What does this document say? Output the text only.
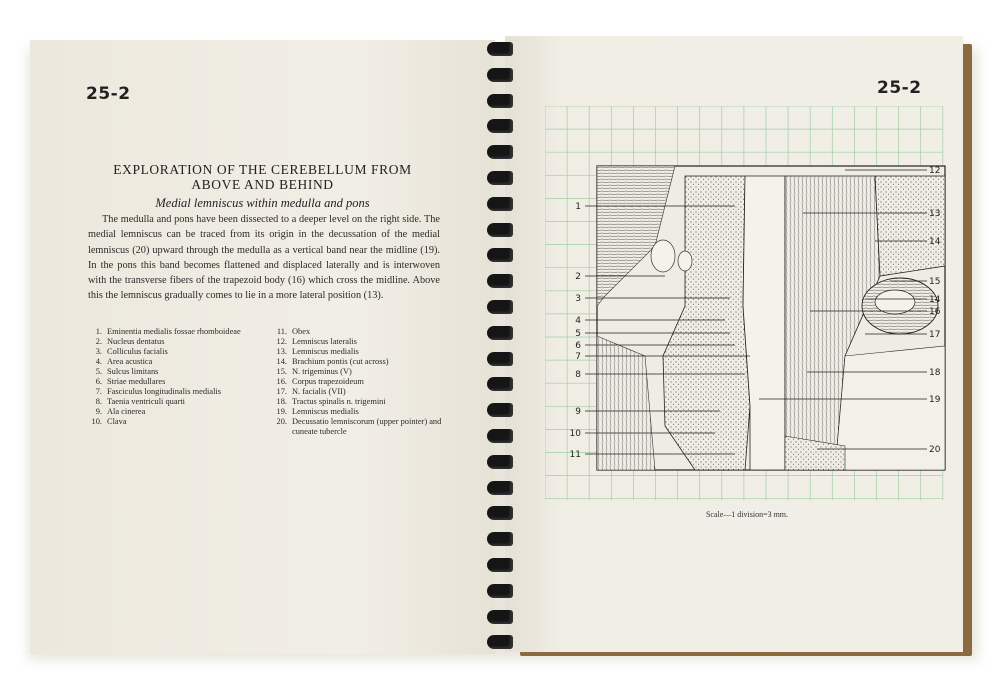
25-2
EXPLORATION OF THE CEREBELLUM FROM
ABOVE AND BEHIND
Medial lemniscus within medulla and pons

The medulla and pons have been dissected to a deeper level on the right side. The medial lemniscus can be traced from its origin in the decussation of the medial lemniscus (20) upward through the medulla as a vertical band near the midline (19). In the pons this band becomes flattened and displaced laterally and is interwoven with the transverse fibers of the trapezoid body (16) which cross the midline. Above this the lemniscus gradually comes to lie in a more lateral position (13).

1. Eminentia medialis fossae rhomboideae
2. Nucleus dentatus
3. Colliculus facialis
4. Area acustica
5. Sulcus limitans
6. Striae medullares
7. Fasciculus longitudinalis medialis
8. Taenia ventriculi quarti
9. Ala cinerea
10. Clava
11. Obex
12. Lemniscus lateralis
13. Lemniscus medialis
14. Brachium pontis (cut across)
15. N. trigeminus (V)
16. Corpus trapezoideum
17. N. facialis (VII)
18. Tractus spinalis n. trigemini
19. Lemniscus medialis
20. Decussatio lemniscorum (upper pointer) and cuneate tubercle
25-2
1
2
3
4
5
6
7
8
9
10
11
12
13
14
15
14
16
17
18
19
20
Scale—1 division=3 mm.
